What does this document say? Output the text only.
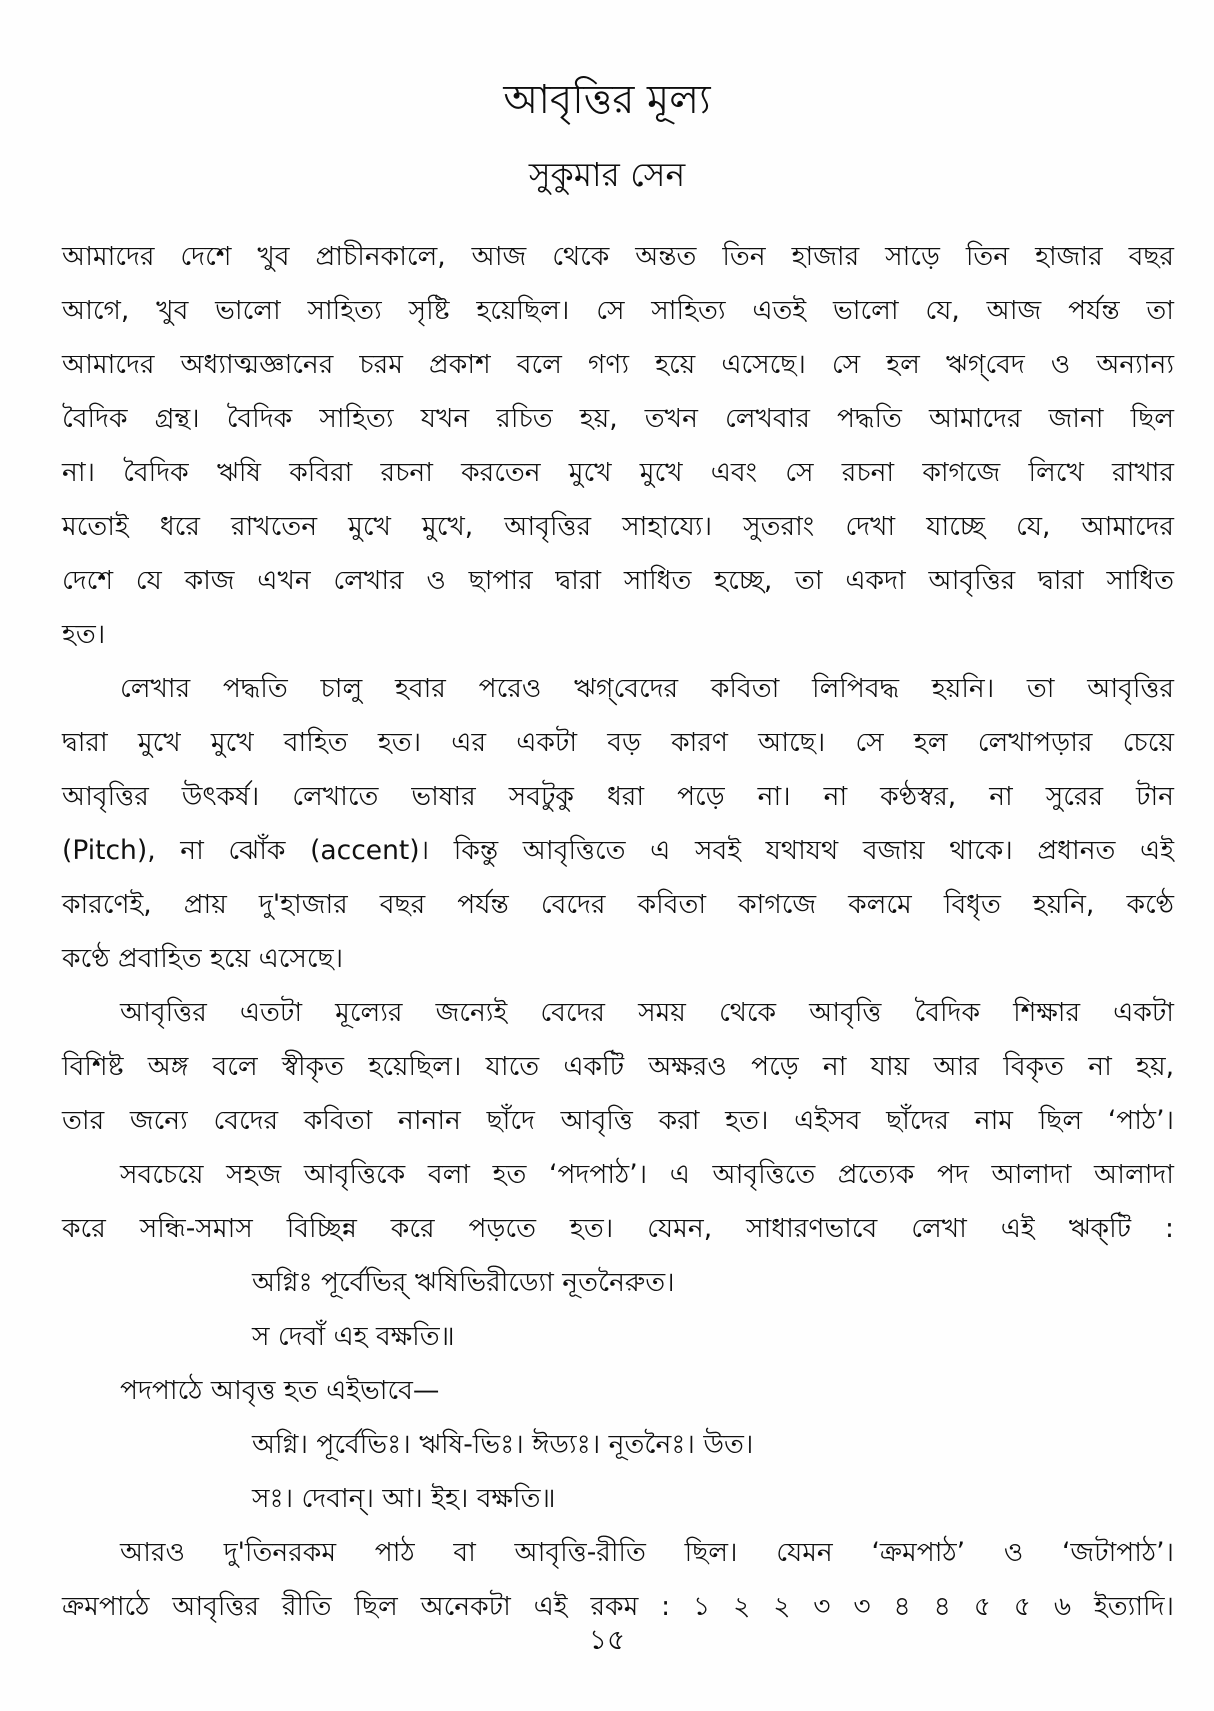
আবৃত্তির মূল্য
সুকুমার সেন
আমাদের দেশে খুব প্রাচীনকালে, আজ থেকে অন্তত তিন হাজার সাড়ে তিন হাজার বছর
আগে, খুব ভালো সাহিত্য সৃষ্টি হয়েছিল। সে সাহিত্য এতই ভালো যে, আজ পর্যন্ত তা
আমাদের অধ্যাত্মজ্ঞানের চরম প্রকাশ বলে গণ্য হয়ে এসেছে। সে হল ঋগ্‌বেদ ও অন্যান্য
বৈদিক গ্রন্থ। বৈদিক সাহিত্য যখন রচিত হয়, তখন লেখবার পদ্ধতি আমাদের জানা ছিল
না। বৈদিক ঋষি কবিরা রচনা করতেন মুখে মুখে এবং সে রচনা কাগজে লিখে রাখার
মতোই ধরে রাখতেন মুখে মুখে, আবৃত্তির সাহায্যে। সুতরাং দেখা যাচ্ছে যে, আমাদের
দেশে যে কাজ এখন লেখার ও ছাপার দ্বারা সাধিত হচ্ছে, তা একদা আবৃত্তির দ্বারা সাধিত
হত।
লেখার পদ্ধতি চালু হবার পরেও ঋগ্‌বেদের কবিতা লিপিবদ্ধ হয়নি। তা আবৃত্তির
দ্বারা মুখে মুখে বাহিত হত। এর একটা বড় কারণ আছে। সে হল লেখাপড়ার চেয়ে
আবৃত্তির উৎকর্ষ। লেখাতে ভাষার সবটুকু ধরা পড়ে না। না কণ্ঠস্বর, না সুরের টান
(Pitch), না ঝোঁক (accent)। কিন্তু আবৃত্তিতে এ সবই যথাযথ বজায় থাকে। প্রধানত এই
কারণেই, প্রায় দু'হাজার বছর পর্যন্ত বেদের কবিতা কাগজে কলমে বিধৃত হয়নি, কণ্ঠে
কণ্ঠে প্রবাহিত হয়ে এসেছে।
আবৃত্তির এতটা মূল্যের জন্যেই বেদের সময় থেকে আবৃত্তি বৈদিক শিক্ষার একটা
বিশিষ্ট অঙ্গ বলে স্বীকৃত হয়েছিল। যাতে একটি অক্ষরও পড়ে না যায় আর বিকৃত না হয়,
তার জন্যে বেদের কবিতা নানান ছাঁদে আবৃত্তি করা হত। এইসব ছাঁদের নাম ছিল ‘পাঠ’।
সবচেয়ে সহজ আবৃত্তিকে বলা হত ‘পদপাঠ’। এ আবৃত্তিতে প্রত্যেক পদ আলাদা আলাদা
করে সন্ধি-সমাস বিচ্ছিন্ন করে পড়তে হত। যেমন, সাধারণভাবে লেখা এই ঋক্‌টি :
অগ্নিঃ পূর্বেভির্‌ ঋষিভিরীড্যো নূতনৈরুত।
স দেবাঁ এহ বক্ষতি॥
পদপাঠে আবৃত্ত হত এইভাবে—
অগ্নি। পূর্বেভিঃ। ঋষি-ভিঃ। ঈড্যঃ। নূতনৈঃ। উত।
সঃ। দেবান্‌। আ। ইহ। বক্ষতি॥
আরও দু'তিনরকম পাঠ বা আবৃত্তি-রীতি ছিল। যেমন ‘ক্রমপাঠ’ ও ‘জটাপাঠ’।
ক্রমপাঠে আবৃত্তির রীতি ছিল অনেকটা এই রকম : ১ ২ ২ ৩ ৩ ৪ ৪ ৫ ৫ ৬ ইত্যাদি।
১৫
